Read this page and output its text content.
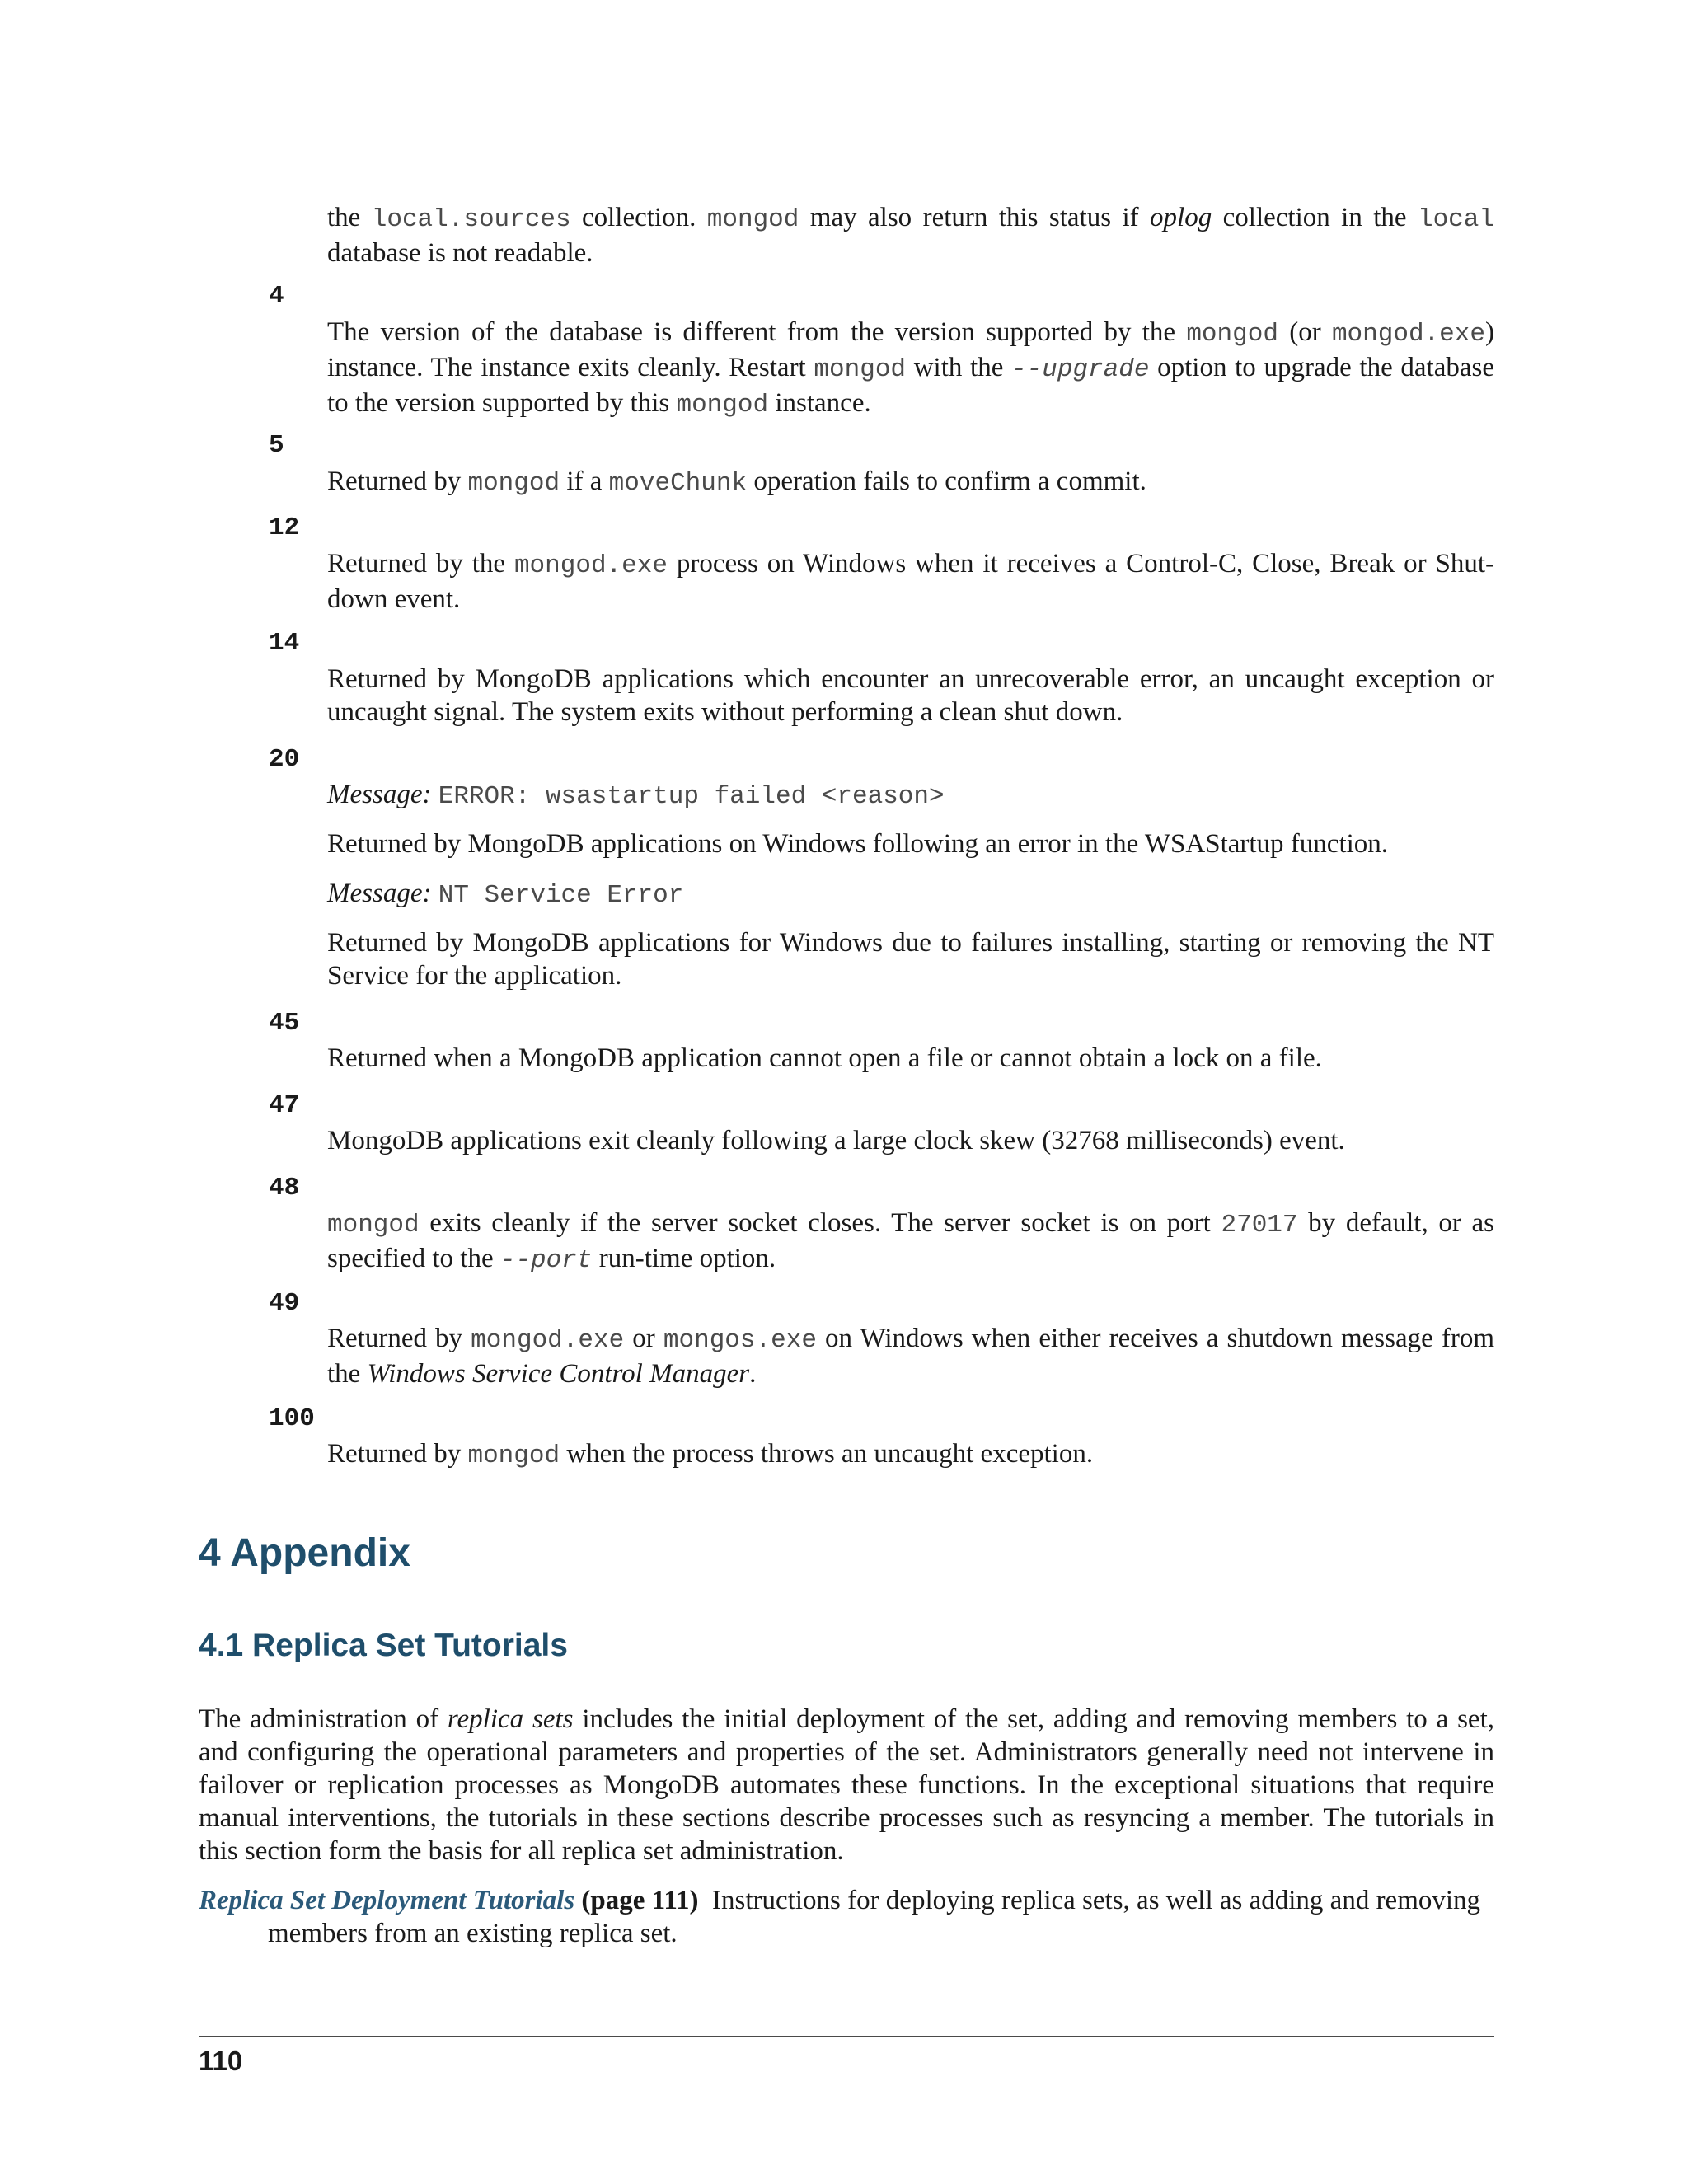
the local.sources collection. mongod may also return this status if oplog collection in the local database is not readable.
4
The version of the database is different from the version supported by the mongod (or mongod.exe) instance. The instance exits cleanly. Restart mongod with the --upgrade option to upgrade the database to the version supported by this mongod instance.
5
Returned by mongod if a moveChunk operation fails to confirm a commit.
12
Returned by the mongod.exe process on Windows when it receives a Control-C, Close, Break or Shut-down event.
14
Returned by MongoDB applications which encounter an unrecoverable error, an uncaught exception or uncaught signal. The system exits without performing a clean shut down.
20
Message: ERROR: wsastartup failed <reason>
Returned by MongoDB applications on Windows following an error in the WSAStartup function.
Message: NT Service Error
Returned by MongoDB applications for Windows due to failures installing, starting or removing the NT Service for the application.
45
Returned when a MongoDB application cannot open a file or cannot obtain a lock on a file.
47
MongoDB applications exit cleanly following a large clock skew (32768 milliseconds) event.
48
mongod exits cleanly if the server socket closes. The server socket is on port 27017 by default, or as specified to the --port run-time option.
49
Returned by mongod.exe or mongos.exe on Windows when either receives a shutdown message from the Windows Service Control Manager.
100
Returned by mongod when the process throws an uncaught exception.
4 Appendix
4.1 Replica Set Tutorials
The administration of replica sets includes the initial deployment of the set, adding and removing members to a set, and configuring the operational parameters and properties of the set. Administrators generally need not intervene in failover or replication processes as MongoDB automates these functions. In the exceptional situations that require manual interventions, the tutorials in these sections describe processes such as resyncing a member. The tutorials in this section form the basis for all replica set administration.
Replica Set Deployment Tutorials (page 111) Instructions for deploying replica sets, as well as adding and removing
members from an existing replica set.
110
